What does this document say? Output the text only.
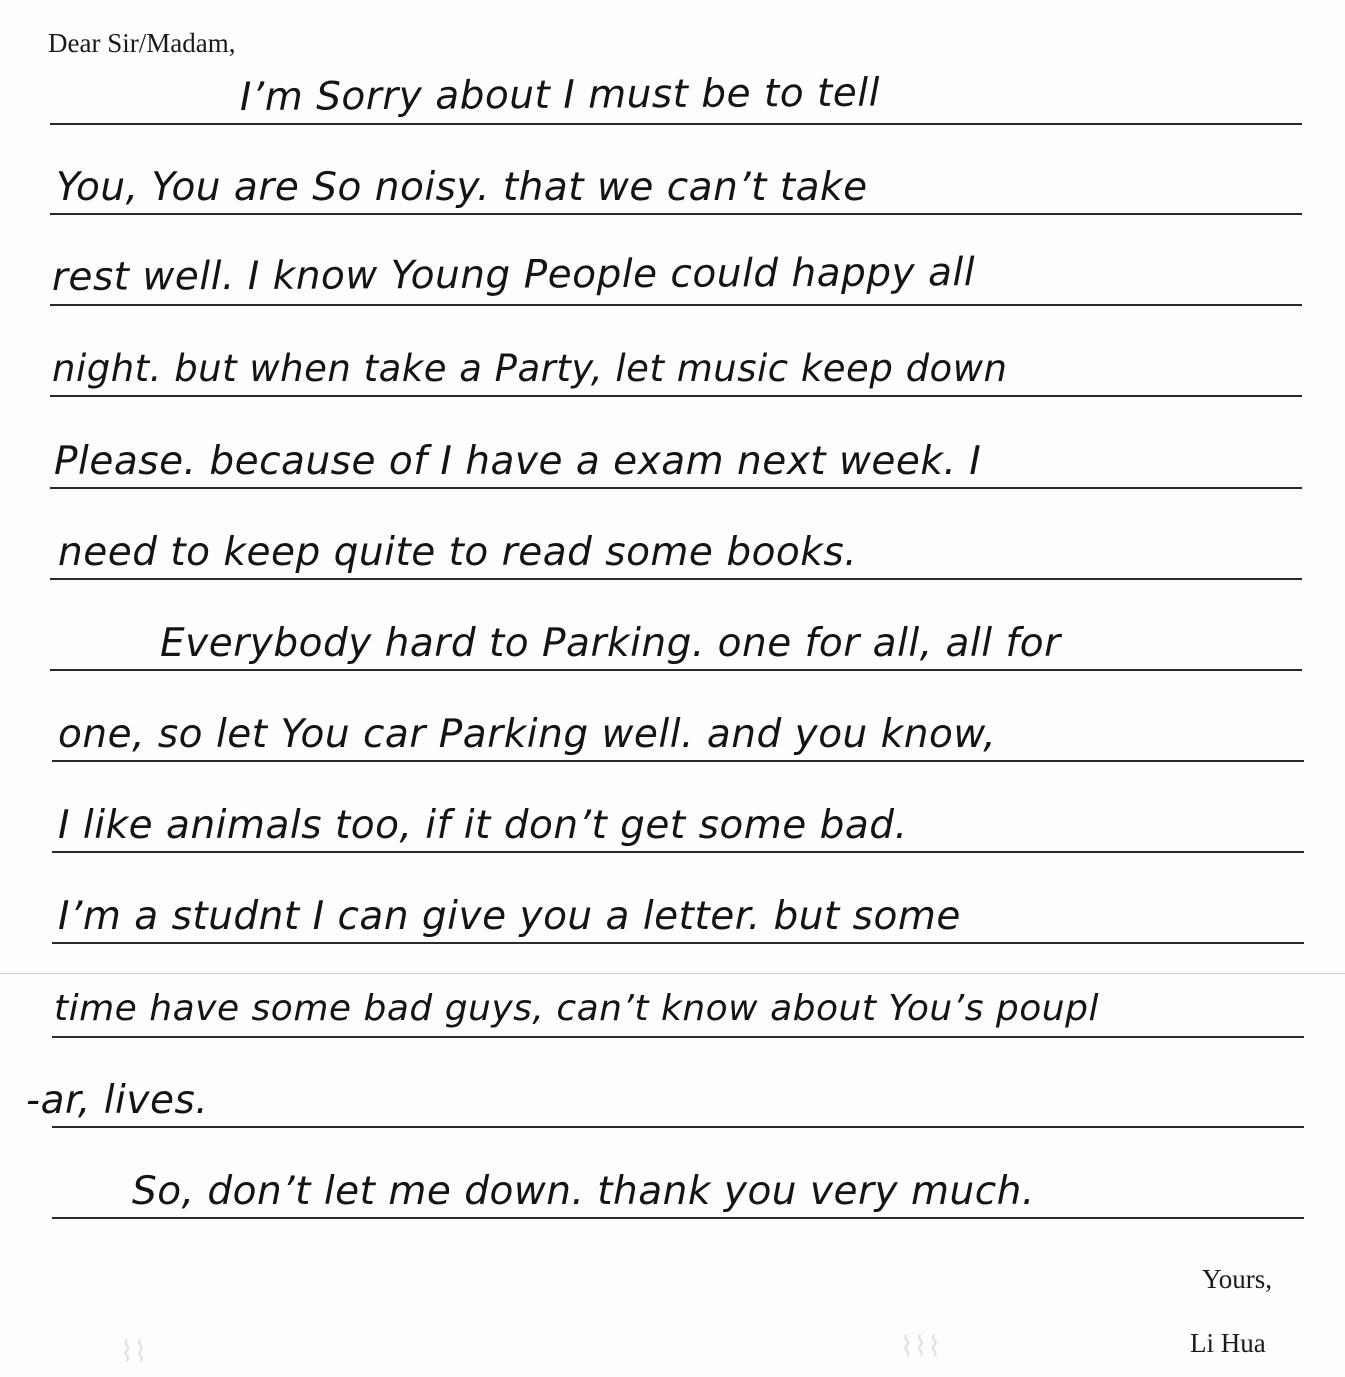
Dear Sir/Madam,
⌇⌇⌇
⌇⌇
I’m Sorry about I must be to tell
You, You are So noisy. that we can’t take
rest well. I know Young People could happy all
night. but when take a Party, let music keep down
Please. because of I have a exam next week. I
need to keep quite to read some books.
Everybody hard to Parking. one for all, all for
one, so let You car Parking well. and you know,
I like animals too, if it don’t get some bad.
I’m a studnt I can give you a letter. but some
time have some bad guys, can’t know about You’s poupl
-ar, lives.
So, don’t let me down. thank you very much.
Yours,
Li Hua
